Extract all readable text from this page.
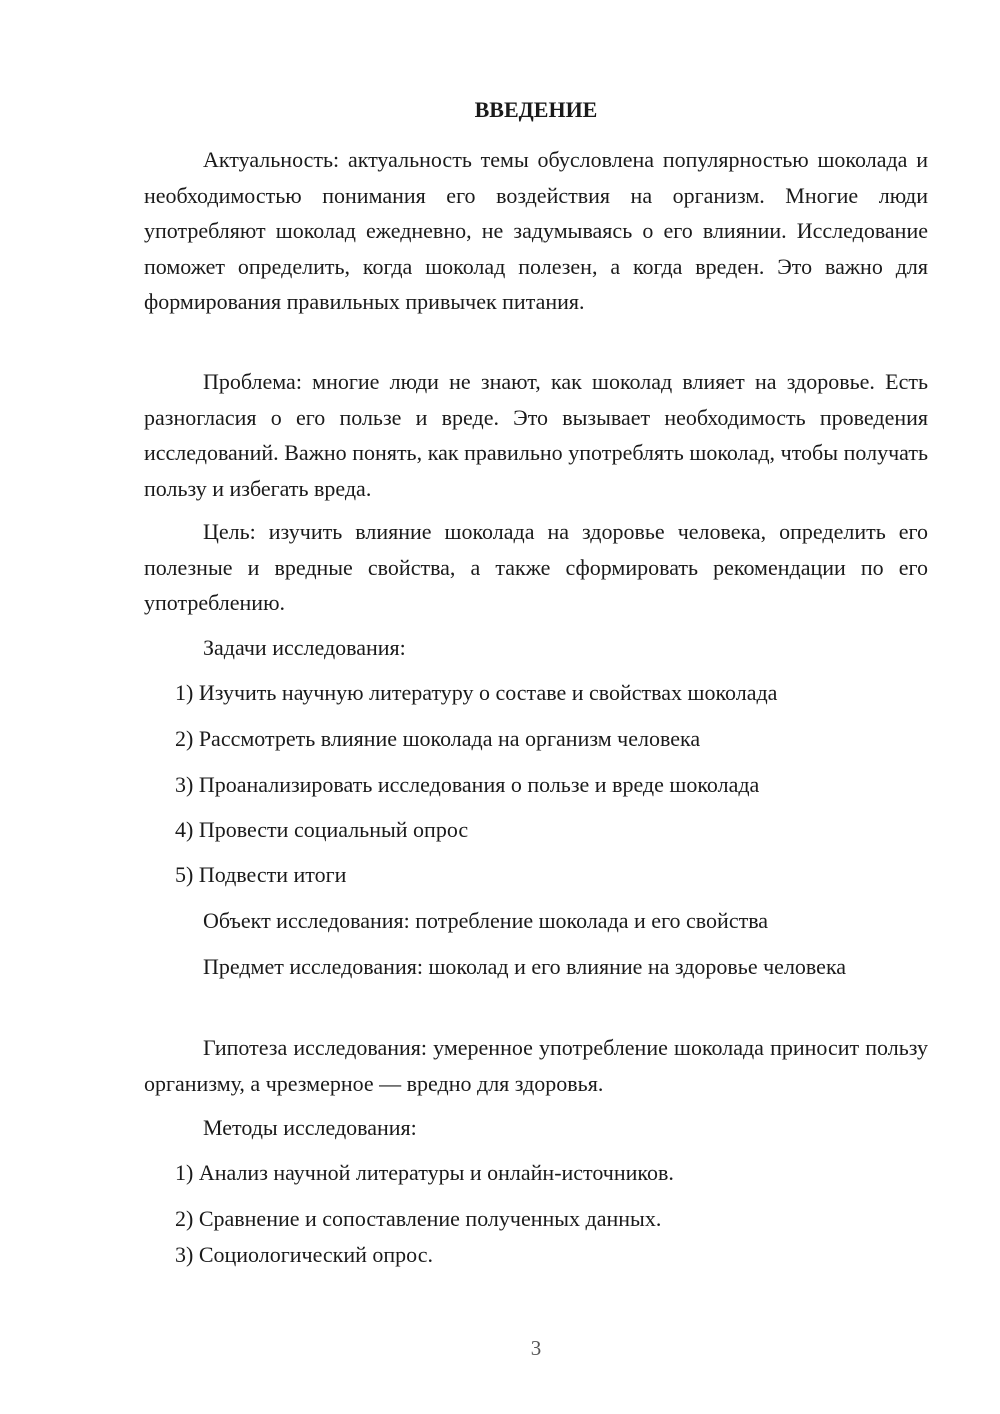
ВВЕДЕНИЕ

Актуальность: актуальность темы обусловлена популярностью шоколада и необходимостью понимания его воздействия на организм. Многие люди употребляют шоколад ежедневно, не задумываясь о его влиянии. Исследование поможет определить, когда шоколад полезен, а когда вреден. Это важно для формирования правильных привычек питания.

Проблема: многие люди не знают, как шоколад влияет на здоровье. Есть разногласия о его пользе и вреде. Это вызывает необходимость проведения исследований. Важно понять, как правильно употреблять шоколад, чтобы получать пользу и избегать вреда.

Цель: изучить влияние шоколада на здоровье человека, определить его полезные и вредные свойства, а также сформировать рекомендации по его употреблению.

Задачи исследования:

1) Изучить научную литературу о составе и свойствах шоколада

2) Рассмотреть влияние шоколада на организм человека

3) Проанализировать исследования о пользе и вреде шоколада

4) Провести социальный опрос

5) Подвести итоги

Объект исследования: потребление шоколада и его свойства

Предмет исследования: шоколад и его влияние на здоровье человека

Гипотеза исследования: умеренное употребление шоколада приносит пользу организму, а чрезмерное — вредно для здоровья.

Методы исследования:

1) Анализ научной литературы и онлайн-источников.

2) Сравнение и сопоставление полученных данных.

3) Социологический опрос.

3
